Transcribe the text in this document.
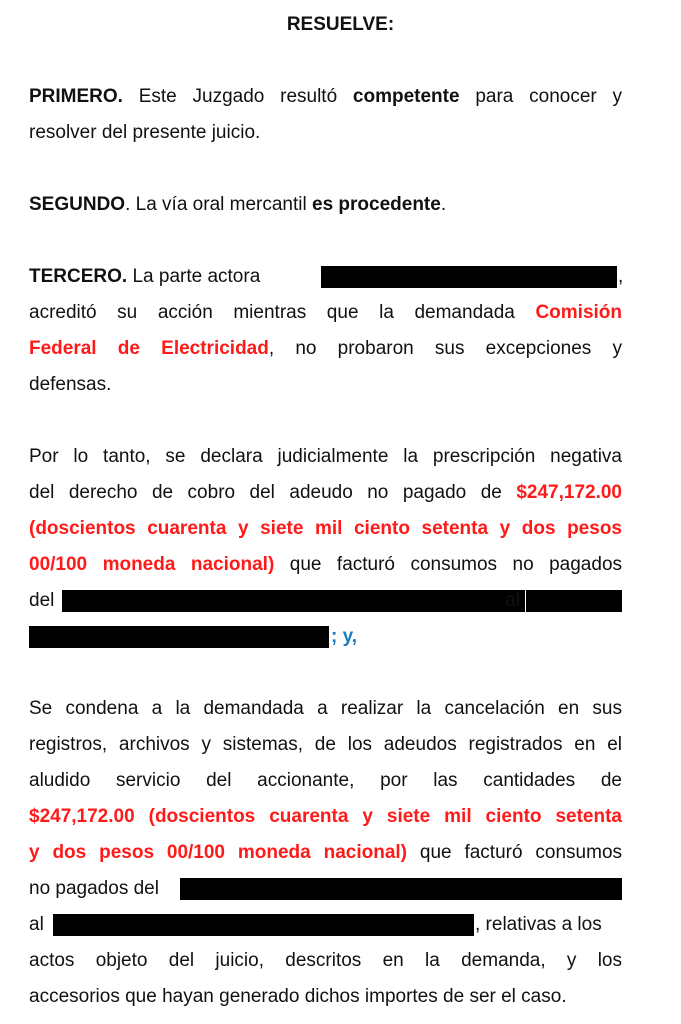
RESUELVE:
PRIMERO. Este Juzgado resultó competente para conocer y
resolver del presente juicio.
SEGUNDO. La vía oral mercantil es procedente.
TERCERO. La parte actora	,
acreditó su acción mientras que la demandada Comisión
Federal de Electricidad, no probaron sus excepciones y
defensas.
Por lo tanto, se declara judicialmente la prescripción negativa
del derecho de cobro del adeudo no pagado de $247,172.00
(doscientos cuarenta y siete mil ciento setenta y dos pesos
00/100 moneda nacional) que facturó consumos no pagados
del	al
; y,
Se condena a la demandada a realizar la cancelación en sus
registros, archivos y sistemas, de los adeudos registrados en el
aludido servicio del accionante, por las cantidades de
$247,172.00 (doscientos cuarenta y siete mil ciento setenta
y dos pesos 00/100 moneda nacional) que facturó consumos
no pagados del
al	, relativas a los
actos objeto del juicio, descritos en la demanda, y los
accesorios que hayan generado dichos importes de ser el caso.
